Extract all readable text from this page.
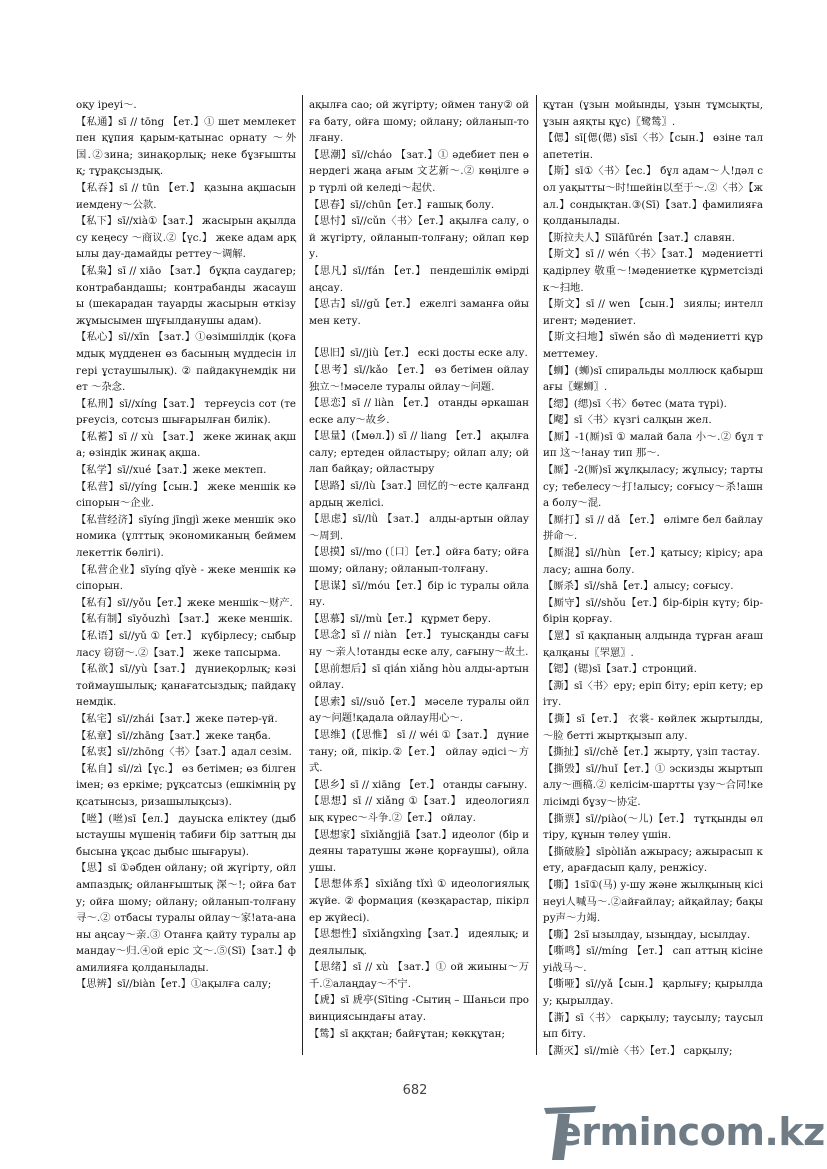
оқу іреуі～.

【私通】sī // tōng 【ет.】① шет мемлекетпен құпия қарым-қатынас орнату ～外国.②зина; зинақорлық; неке бұзғыштық; тұрақсыздық.

【私吞】sī // tūn 【ет.】 қазына ақшасын иемдену～公款.

【私下】sī//xià①【зат.】 жасырын ақылдасу кеңесу ～商议.②【үс.】 жеке адам арқылы дау-дамайды реттеу～调解.

【私枭】sī // xiāo 【зат.】 бұқпа саудагер; контрабандашы; контрабанды жасаушы (шекарадан тауарды жасырын өткізу жұмысымен шұғылданушы адам).

【私心】sī//xīn 【зат.】①өзімшілдік (қоғамдық мүдденен өз басының мүддесін ілгері ұстаушылық). ② пайдакүнемдік ниет ～杂念.

【私刑】sī//xíng【зат.】 терғеусіз сот (терғеусіз, сотсыз шығарылған билік).

【私蓄】sī // xù 【зат.】 жеке жинақ ақша; өзіндік жинақ ақша.

【私学】sī//xué【зат.】жеке мектеп.

【私营】sī//yíng【сын.】 жеке меншік кәсіпорын～企业.

【私营经济】sīyíng jīngjì жеке меншік экономика (ұлттық экономиканың беймемлекеттік бөлігі).

【私营企业】sīyíng qǐyè - жеке меншік кәсіпорын.

【私有】sī//yǒu【ет.】жеке меншік～财产.

【私有制】sīyǒuzhì 【зат.】 жеке меншік.

【私语】sī//yǔ ①【ет.】 күбірлесу; сыбырласу 窃窃～.②【зат.】 жеке тапсырма.

【私欲】sī//yù【зат.】 дүниеқорлық; кәзі тоймаушылық; қанағатсыздық; пайдакүнемдік.

【私宅】sī//zhái【зат.】жеке пәтер-үй.

【私章】sī//zhāng【зат.】жеке таңба.

【私衷】sī//zhōng〈书〉【зат.】адал сезім.

【私自】sī//zì【үс.】 өз бетімен; өз білгенімен; өз еркіме; рұқсатсыз (ешкімнің рұқсатынсыз, ризашылықсыз).

【咝】(咝)sī【ел.】 дауыска еліктеу (дыбыстаушы мүшенің табиғи бір заттың дыбысына ұқсас дыбыс шығаруы).

【思】sī ①әбден ойлану; ой жүгірту, ойлампаздық; ойланғыштық 深～!; ойға бату; ойға шому; ойлану; ойланып-толғану 寻～.② отбасы туралы ойлау～家!ата-ананы аңсау～亲.③ Отанға қайту туралы армандау～归.④ой еріс 文～.⑤(Sī)【зат.】фамилияға қолданылады.

【思辨】sī//biàn【ет.】①ақылға салу;

ақылға сао; ой жүгірту; оймен тану② ойға бату, ойға шому; ойлану; ойланып-толғану.

【思潮】sī//cháo 【зат.】① әдебиет пен өнердегі жаңа ағым 文艺新～.② көңілге әр түрлі ой келеді～起伏.

【思春】sī//chūn【ет.】ғашық болу.

【思忖】sī//cǔn〈书〉【ет.】ақылға салу, ой жүгірту, ойланып-толғану; ойлап көру.

【思凡】sī//fán 【ет.】 пендешілік өмірді аңсау.

【思古】sī//gǔ【ет.】 ежелгі заманға ойымен кету.

【思旧】sī//jiù【ет.】 ескі досты еске алу.

【思考】sī//kǎo 【ет.】 өз бетімен ойлау独立～!мәселе туралы ойлау～问题.

【思恋】sī // liàn 【ет.】 отанды әркашан еске алу～故乡.

【思量】(【мөл.】) sī // liang 【ет.】 ақылға салу; ертеден ойластыру; ойлап алу; ойлап байқау; ойластыру

【思路】sī//lù【зат.】回忆的～есте қалғандардың желісі.

【思虑】sī//lǜ 【зат.】 алды-артын ойлау～周到.

【思摸】sī//mo (〔口〕【ет.】ойға бату; ойға шому; ойлану; ойланып-толғану.

【思谋】sī//móu【ет.】бір іс туралы ойлану.

【思慕】sī//mù【ет.】 құрмет беру.

【思念】sī // niàn 【ет.】 туысқанды сағыну ～亲人!отанды еске алу, сағыну～故土.

【思前想后】sī qián xiǎng hòu алды-артын ойлау.

【思索】sī//suǒ【ет.】 мәселе туралы ойлау～问题!қадала ойлау用心～.

【思维】(【思惟】 sī // wéi ①【зат.】 дүние тану; ой, пікір.②【ет.】 ойлау әдісі～方式.

【思乡】sī // xiāng 【ет.】 отанды сағыну.

【思想】sī // xiǎng ①【зат.】 идеологиялық күрес～斗争.②【ет.】 ойлау.

【思想家】sīxiǎngjiā【зат.】идеолог (бір идеяны таратушы және қорғаушы), ойлаушы.

【思想体系】sīxiǎng tǐxì ① идеологиялық жүйе. ② формация (көзқарастар, пікірлер жүйесі).

【思想性】sīxiǎngxìng【зат.】 идеялық; идеялылық.

【思绪】sī // xù 【зат.】① ой жиыны～万千.②алаңдау～不宁.

【虒】sī 虒亭(Sīting -Сытиң – Шаньси провинциясындағы атау.

【鸶】sī аққтан; байғұтан; көкқұтан;

құтан (ұзын мойынды, ұзын тұмсықты, ұзын аяқты құс)〖鹭鸶〗.

【偲】sī[偲(偲) sīsī〈书〉【сын.】 өзіне талапететін.

【斯】sī①〈书〉【ес.】 бұл адам～人!дәл сол уақытты～时!шейін以至于～.②〈书〉【жал.】сондықтан.③(Sī)【зат.】фамилияға қолданылады.

【斯拉夫人】Sīlāfūrén【зат.】славян.

【斯文】sī // wén〈书〉【зат.】 мәдениетті қадірлеу 敬重～!мәдениетке құрметсіздік～扫地.

【斯文】sī // wen 【сын.】 зиялы; интеллигент; мәдениет.

【斯文扫地】sīwén sǎo dì мәдениетті құрметтемеу.

【蛳】(蛳)sī спиральды моллюск қабыршағы〖螺蛳〗.

【缌】(缌)sī〈书〉бөтес (мата түрі).

【飔】sī〈书〉күзгі салқын жел.

【厮】-1(厮)sī ① малай бала 小～.② бұл тип 这～!анау тип 那～.

【厮】-2(厮)sī жұлқыласу; жұлысу; тартысу; тебелесу～打!алысу; соғысу～杀!ашна болу～混.

【厮打】sī // dǎ 【ет.】 өлімге бел байлау拼命～.

【厮混】sī//hùn 【ет.】қатысу; кірісу; араласу; ашна болу.

【厮杀】sī//shā【ет.】алысу; соғысу.

【厮守】sī//shǒu【ет.】бір-бірін күту; бір-бірін қорғау.

【罳】sī қақпаның алдында тұрған ағаш қалқаны〖罘罳〗.

【锶】(锶)sī【зат.】стронций.

【澌】sī〈书〉еру; еріп біту; еріп кету; еріту.

【撕】sī【ет.】 衣裳- көйлек жыртылды, ～脸 бетті жыртқызып алу.

【撕扯】sī//chě【ет.】жырту, үзіп тастау.

【撕毁】sī//huǐ【ет.】① эскизды жыртып алу～画稿.② келісім-шартты үзу～合同!келісімді бұзу～协定.

【撕票】sī//piào(～儿)【ет.】 тұтқынды өлтіру, құнын төлеу үшін.

【撕破脸】sīpòliǎn ажырасу; ажырасып кету, арағдасып қалу, ренжісу.

【嘶】1sī①(马) у-шу және жылқының кісінеуі人喊马～.②айғайлау; айқайлау; бақыру声～力竭.

【嘶】2sī ызылдау, ызыңдау, ысылдау.

【嘶鸣】sī//míng 【ет.】 сап аттың кісінеуі战马～.

【嘶哑】sī//yǎ【сын.】 қарлығу; қырылдау; қырылдау.

【澌】sī〈书〉 сарқылу; таусылу; таусылып біту.

【澌灭】sī//miè〈书〉【ет.】 сарқылу;

682
ermincom.kz
